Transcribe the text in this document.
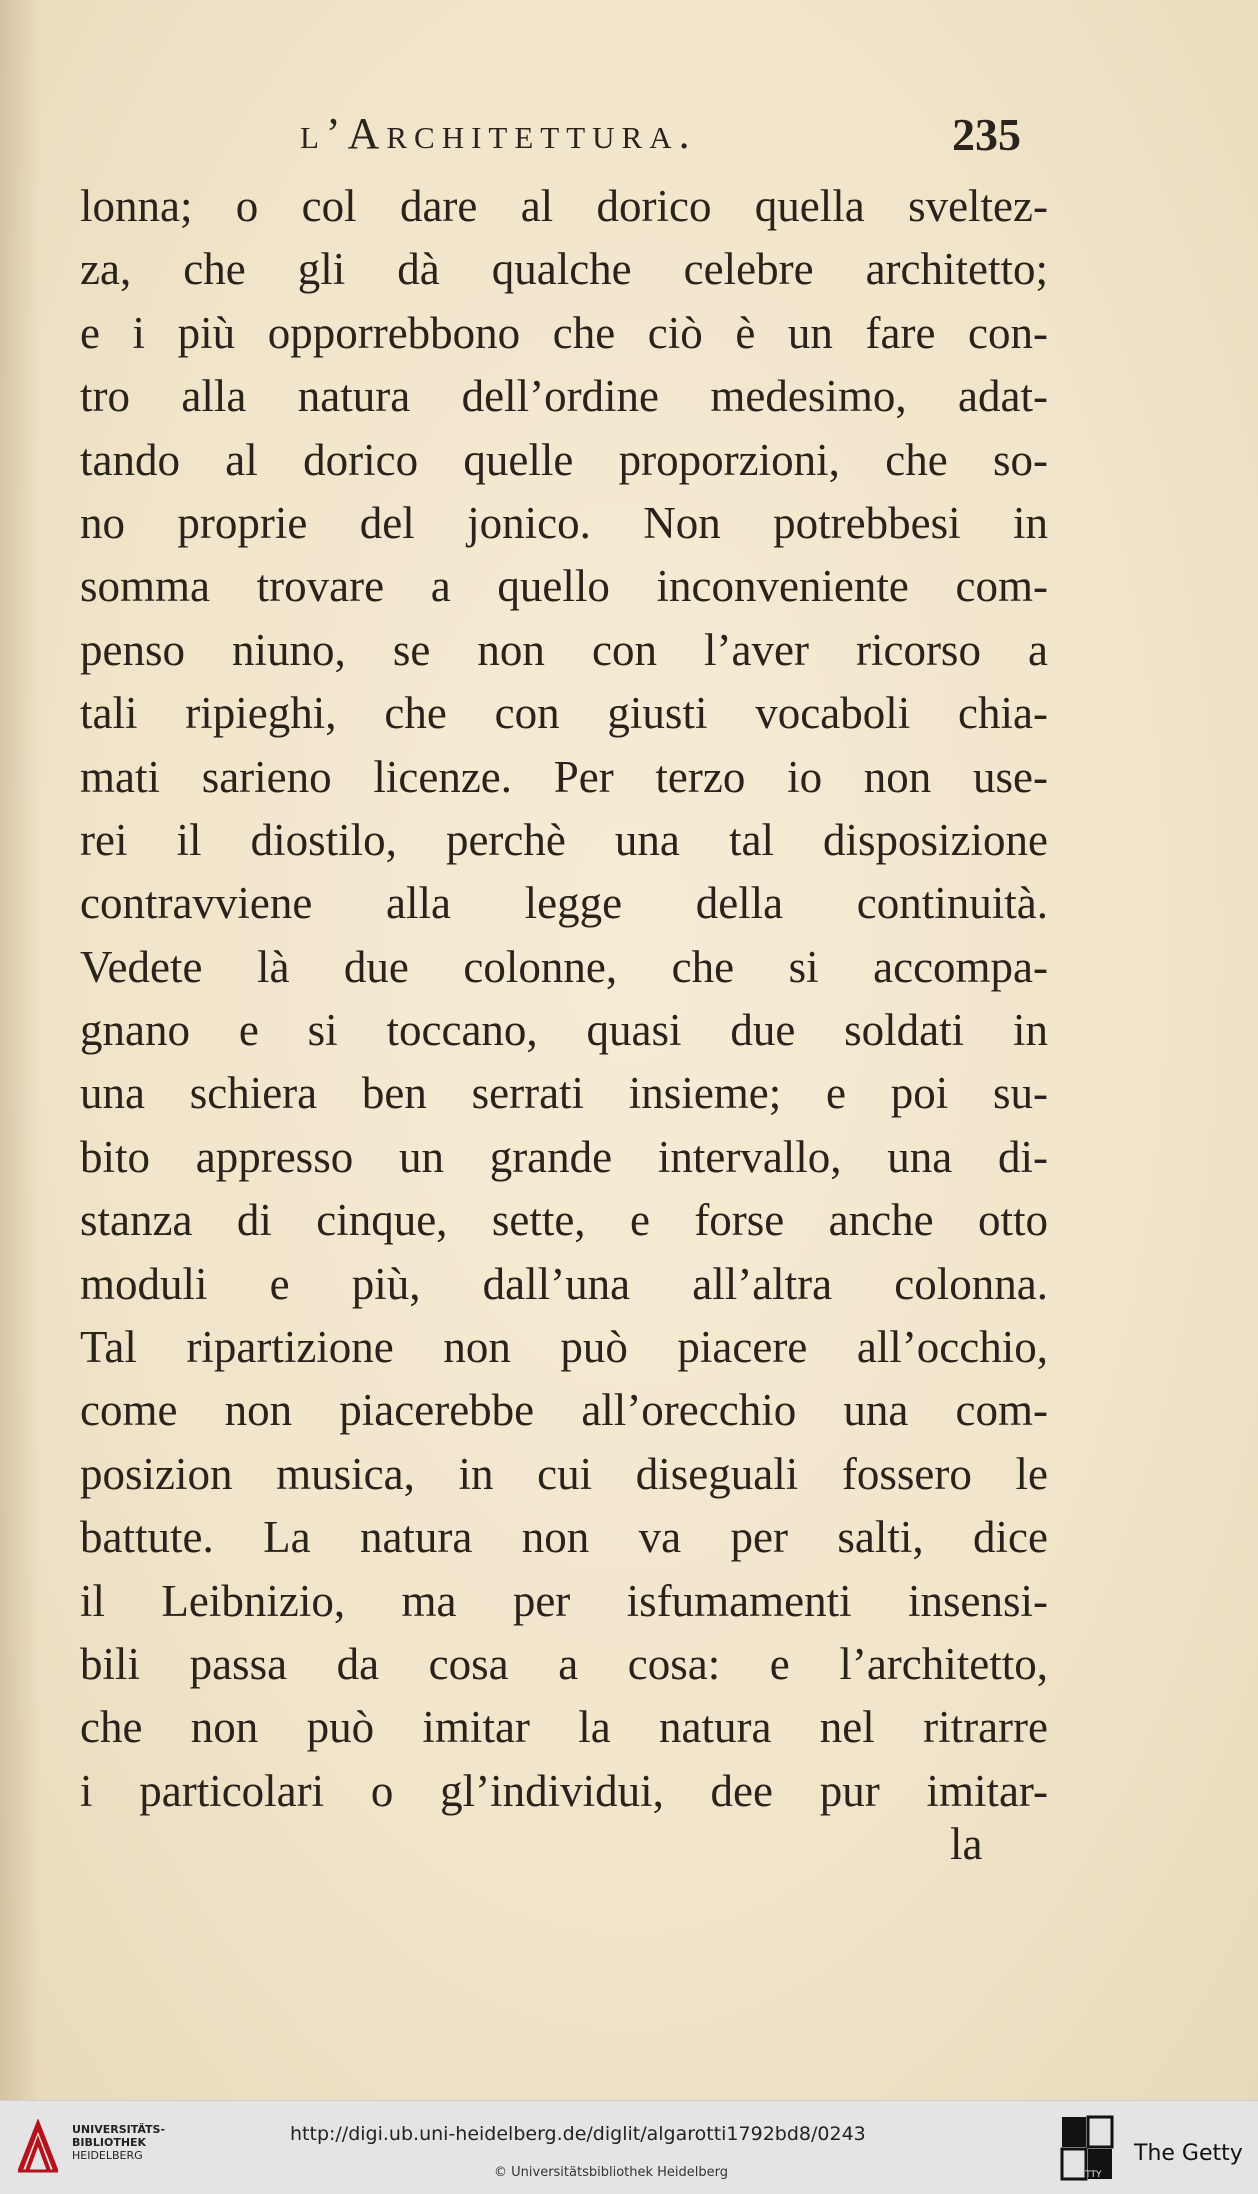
l’Architettura.	235
lonna; o col dare al dorico quella sveltez-
za, che gli dà qualche celebre architetto;
e i più opporrebbono che ciò è un fare con-
tro alla natura dell’ordine medesimo, adat-
tando al dorico quelle proporzioni, che so-
no proprie del jonico. Non potrebbesi in
somma trovare a quello inconveniente com-
penso niuno, se non con l’aver ricorso a
tali ripieghi, che con giusti vocaboli chia-
mati sarieno licenze. Per terzo io non use-
rei il diostilo, perchè una tal disposizione
contravviene alla legge della continuità.
Vedete là due colonne, che si accompa-
gnano e si toccano, quasi due soldati in
una schiera ben serrati insieme; e poi su-
bito appresso un grande intervallo, una di-
stanza di cinque, sette, e forse anche otto
moduli e più, dall’una all’altra colonna.
Tal ripartizione non può piacere all’occhio,
come non piacerebbe all’orecchio una com-
posizion musica, in cui diseguali fossero le
battute. La natura non va per salti, dice
il Leibnizio, ma per isfumamenti insensi-
bili passa da cosa a cosa: e l’architetto,
che non può imitar la natura nel ritrarre
i particolari o gl’individui, dee pur imitar-
la
UNIVERSITÄTS-
BIBLIOTHEK
HEIDELBERG
http://digi.ub.uni-heidelberg.de/diglit/algarotti1792bd8/0243
© Universitätsbibliothek Heidelberg	GETTY
The Getty
